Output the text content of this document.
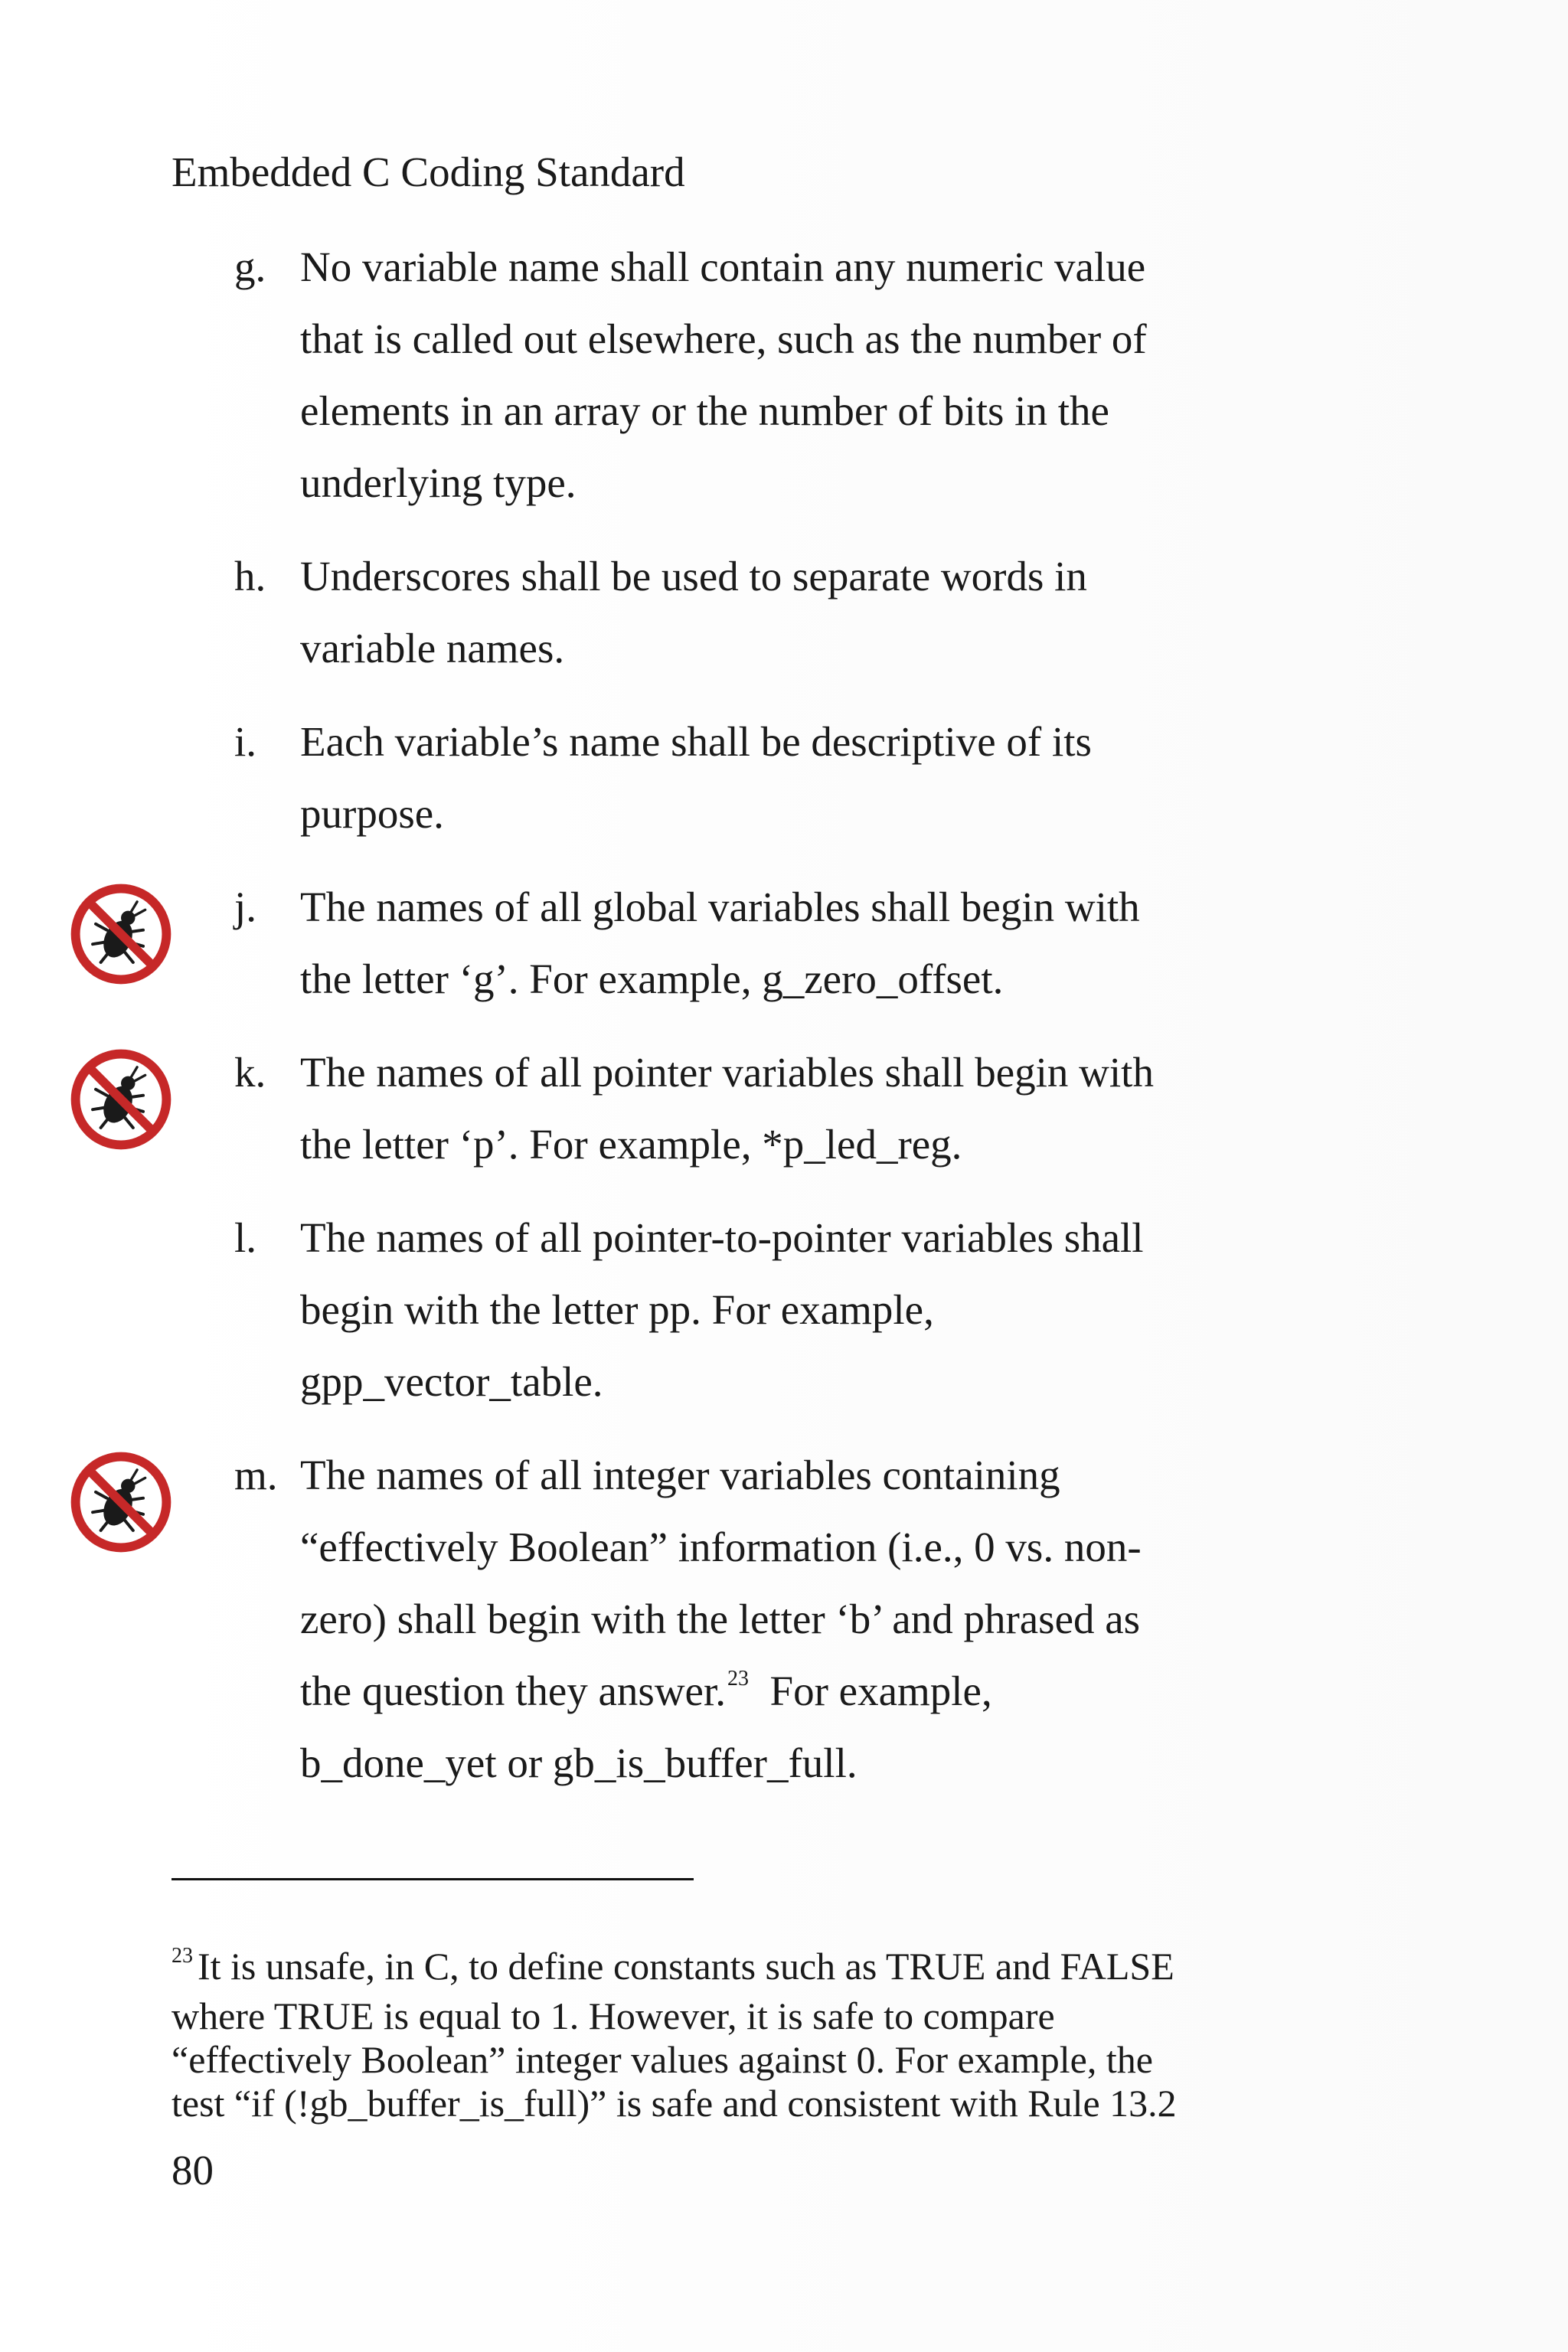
Embedded C Coding Standard
g. No variable name shall contain any numeric value
that is called out elsewhere, such as the number of
elements in an array or the number of bits in the
underlying type.
h. Underscores shall be used to separate words in
variable names.
i. Each variable’s name shall be descriptive of its
purpose.
j. The names of all global variables shall begin with
the letter ‘g’. For example, g_zero_offset.
k. The names of all pointer variables shall begin with
the letter ‘p’. For example, *p_led_reg.
l. The names of all pointer-to-pointer variables shall
begin with the letter pp. For example,
gpp_vector_table.
m. The names of all integer variables containing
“effectively Boolean” information (i.e., 0 vs. non-
zero) shall begin with the letter ‘b’ and phrased as
the question they answer.$^{23}$ For example,
b_done_yet or gb_is_buffer_full.
$^{23}$ It is unsafe, in C, to define constants such as TRUE and FALSE
where TRUE is equal to 1. However, it is safe to compare
“effectively Boolean” integer values against 0. For example, the
test “if (!gb_buffer_is_full)” is safe and consistent with Rule 13.2
80
